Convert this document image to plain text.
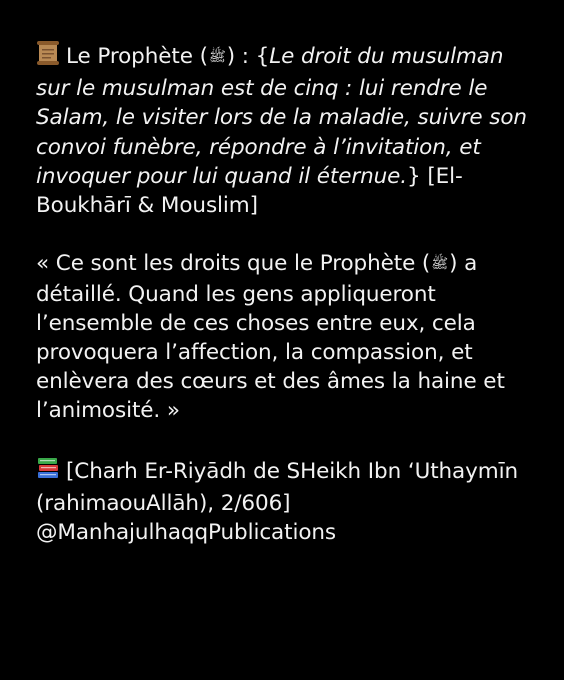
Le Prophète (ﷺ) : {Le droit du musulman sur le musulman est de cinq : lui rendre le Salam, le visiter lors de la maladie, suivre son convoi funèbre, répondre à l’invitation, et invoquer pour lui quand il éternue.} [El-Boukhārī & Mouslim]

« Ce sont les droits que le Prophète (ﷺ) a détaillé. Quand les gens appliqueront l’ensemble de ces choses entre eux, cela provoquera l’affection, la compassion, et enlèvera des cœurs et des âmes la haine et l’animosité. »

[Charh Er-Riyādh de SHeikh Ibn ‘Uthaymīn (rahimaouAllāh), 2/606]
@ManhajulhaqqPublications
